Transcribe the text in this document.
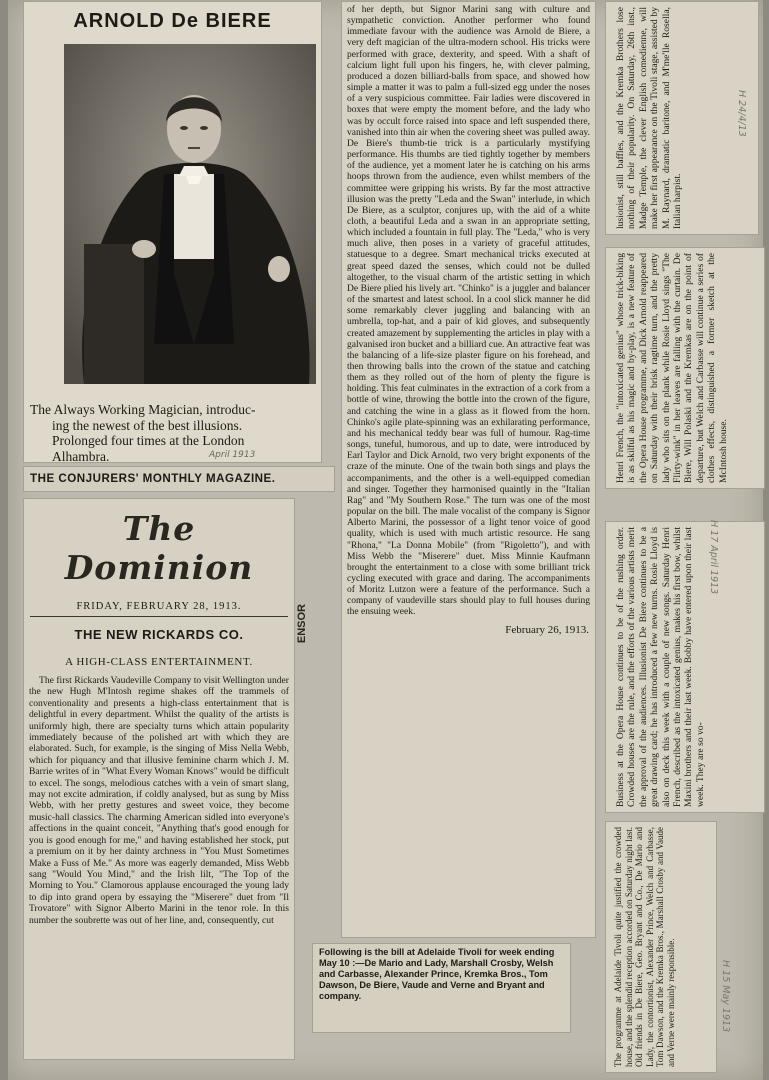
ARNOLD De BIERE
The Always Working Magician, introduc-
ing the newest of the best illusions.
Prolonged four times at the London
Alhambra.	April 1913
THE CONJURERS' MONTHLY MAGAZINE.
The Dominion
FRIDAY, FEBRUARY 28, 1913.
THE NEW RICKARDS CO.
A HIGH-CLASS ENTERTAINMENT.

The first Rickards Vaudeville Company to visit Wellington under the new Hugh M'Intosh regime shakes off the trammels of conventionality and presents a high-class entertainment that is delightful in every department. Whilst the quality of the artists is uniformly high, there are specialty turns which attain popularity immediately because of the polished art with which they are elaborated. Such, for example, is the singing of Miss Nella Webb, which for piquancy and that illusive feminine charm which J. M. Barrie writes of in "What Every Woman Knows" would be difficult to excel. The songs, melodious catches with a vein of smart slang, may not excite admiration, if coldly analysed, but as sung by Miss Webb, with her pretty gestures and sweet voice, they become music-hall classics. The charming American sidled into everyone's affections in the quaint conceit, "Anything that's good enough for you is good enough for me," and having established her stock, put a premium on it by her dainty archness in "You Must Sometimes Make a Fuss of Me." As more was eagerly demanded, Miss Webb sang "Would You Mind," and the Irish lilt, "The Top of the Morning to You." Clamorous applause encouraged the young lady to dip into grand opera by essaying the "Miserere" duet from "Il Trovatore" with Signor Alberto Marini in the tenor role. In this number the soubrette was out of her line, and, consequently, cut

ENSOR

of her depth, but Signor Marini sang with culture and sympathetic conviction. Another performer who found immediate favour with the audience was Arnold de Biere, a very deft magician of the ultra-modern school. His tricks were performed with grace, dexterity, and speed. With a shaft of calcium light full upon his fingers, he, with clever palming, produced a dozen billiard-balls from space, and showed how simple a matter it was to palm a full-sized egg under the noses of a very suspicious committee. Fair ladies were discovered in boxes that were empty the moment before, and the lady who was by occult force raised into space and left suspended there, vanished into thin air when the covering sheet was pulled away. De Biere's thumb-tie trick is a particularly mystifying performance. His thumbs are tied tightly together by members of the audience, yet a moment later he is catching on his arms hoops thrown from the audience, even whilst members of the committee were gripping his wrists. By far the most attractive illusion was the pretty "Leda and the Swan" interlude, in which De Biere, as a sculptor, conjures up, with the aid of a white cloth, a beautiful Leda and a swan in an appropriate setting, which included a fountain in full play. The "Leda," who is very much alive, then poses in a variety of graceful attitudes, statuesque to a degree. Smart mechanical tricks executed at great speed dazed the senses, which could not be dulled altogether, to the visual charm of the artistic setting in which De Biere plied his lively art. "Chinko" is a juggler and balancer of the smartest and latest school. In a cool slick manner he did some remarkably clever juggling and balancing with an umbrella, top-hat, and a pair of kid gloves, and subsequently created amazement by supplementing the articles in play with a galvanised iron bucket and a billiard cue. An attractive feat was the balancing of a life-size plaster figure on his forehead, and then throwing balls into the crown of the statue and catching them as they rolled out of the horn of plenty the figure is holding. This feat culminates in the extraction of a cork from a bottle of wine, throwing the bottle into the crown of the figure, and catching the wine in a glass as it flowed from the horn. Chinko's agile plate-spinning was an exhilarating performance, and his mechanical teddy bear was full of humour. Rag-time songs, tuneful, humorous, and up to date, were introduced by Earl Taylor and Dick Arnold, two very bright exponents of the craze of the minute. One of the twain both sings and plays the accompaniments, and the other is a well-equipped comedian and singer. Together they harmonised quaintly in the "Italian Rag" and "My Southern Rose." The turn was one of the most popular on the bill. The male vocalist of the company is Signor Alberto Marini, the possessor of a light tenor voice of good quality, which is used with much artistic resource. He sang "Rhona," "La Donna Mobile" (from "Rigoletto"), and with Miss Webb the "Miserere" duet. Miss Minnie Kaufmann brought the entertainment to a close with some brilliant trick cycling executed with grace and daring. The accompaniments of Moritz Lutzon were a feature of the performance. Such a company of vaudeville stars should play to full houses during the ensuing week.

February 26, 1913.
Following is the bill at Adelaide Tivoli for week ending May 10 :—De Mario and Lady, Marshall Crosby, Welsh and Carbasse, Alexander Prince, Kremka Bros., Tom Dawson, De Biere, Vaude and Verne and Bryant and company.
lusionist, still baffles, and the Kremka Brothers lose nothing of their popularity. On Saturday, 26th inst., Madge Temple, the clever English comedienne, will make her first appearance on the Tivoli stage, assisted by M. Raynard, dramatic baritone, and M'me'lle Rosella, Italian harpist.
H 24/4/13
Henri French, the "intoxicated genius" whose trick-biking is as skilful as his magic and by-play, is a new feature of the Opera House programme, and Dick Arnold reappeared on Saturday with their brisk ragtime turn, and the pretty lady who sits on the plank while Rosie Lloyd sings "The Flirty-wink" in her leaves are falling with the curtain. De Biere, Will Polaski and the Kremkas are on the point of departure, but Welch and Carbasse will continue a series of clothes effects, distinguished a former sketch at the McIntosh house.
Business at the Opera House continues to be of the rushing order. Crowded houses are the rule, and the efforts of the various artists merit the approval of the audiences. Illusionist De Biere continues to be a great drawing card; he has introduced a few new turns. Rosie Lloyd is also on deck this week with a couple of new songs. Saturday Henri French, described as the intoxicated genius, makes his first bow, whilst Maxini brothers and their last week. Bobby have entered upon their last week. They are so vo-
H 17 April 1913
The programme at Adelaide Tivoli quite justified the crowded house, and the splendid reception accorded on Saturday night last. Old friends in De Biere, Geo. Bryant and Co., De Mario and Lady, the contortionist, Alexander Prince, Welch and Carbasse, Tom Dawson, and the Kremka Bros., Marshall Crosby and Vaude and Verne were mainly responsible.	H 15 May 1913
